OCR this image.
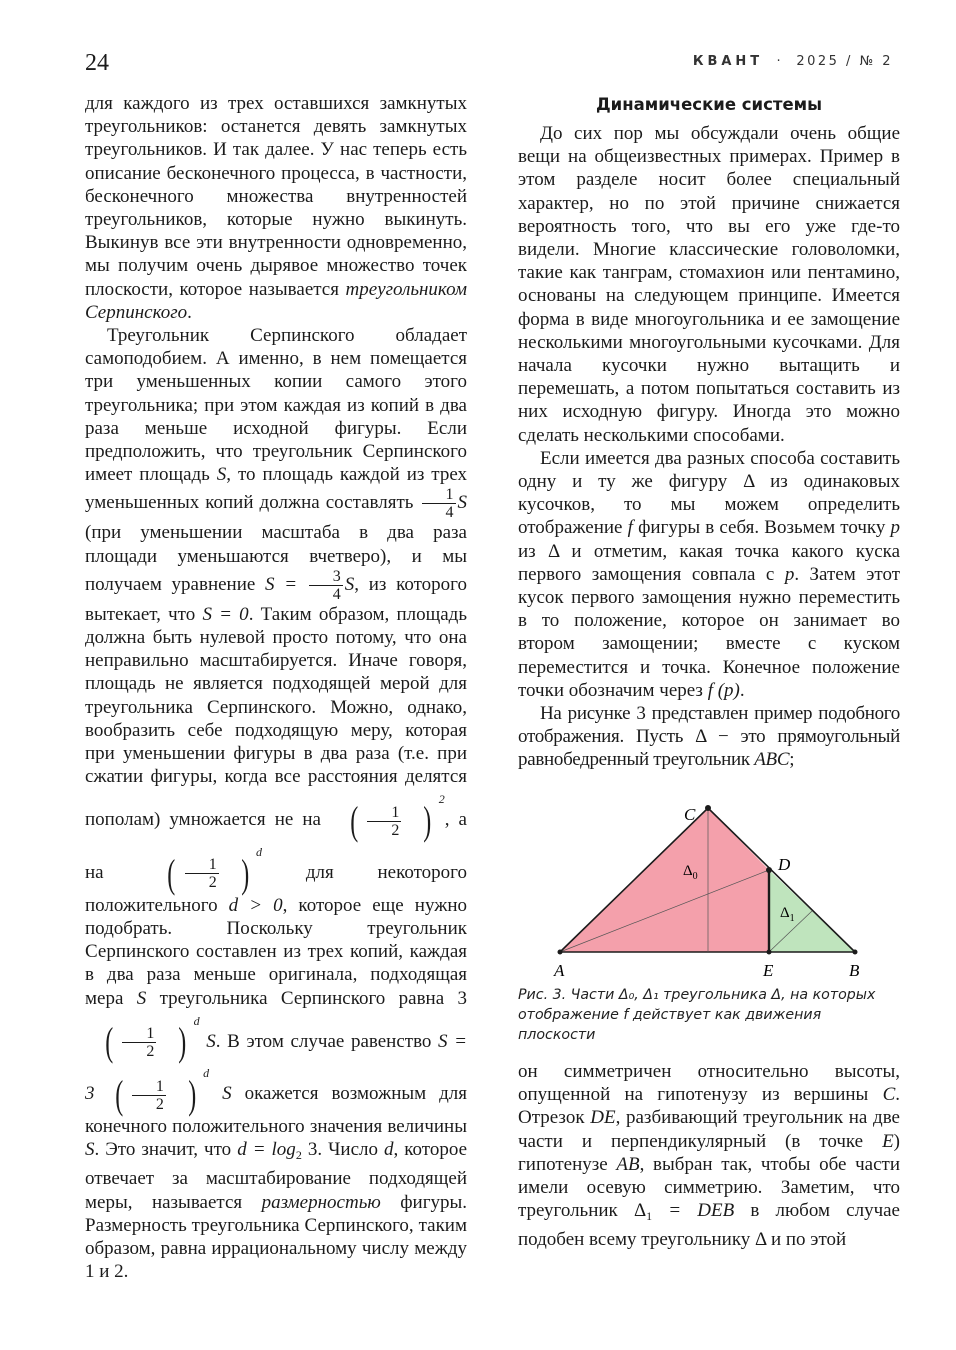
24	КВАНТ · 2025 / № 2

для каждого из трех оставшихся замкнутых треугольников: останется девять замкнутых треугольников. И так далее. У нас теперь есть описание бесконечного процесса, в частности, бесконечного множества внутренностей треугольников, которые нужно выкинуть. Выкинув все эти внутренности одновременно, мы получим очень дырявое множество точек плоскости, которое называется треугольником Серпинского.

Треугольник Серпинского обладает самоподобием. А именно, в нем помещается три уменьшенных копии самого этого треугольника; при этом каждая из копий в два раза меньше исходной фигуры. Если предположить, что треугольник Серпинского имеет площадь S, то площадь каждой из трех уменьшенных копий должна составлять $\frac{1}{4}$ S (при уменьшении масштаба в два раза площади уменьшаются вчетверо), и мы получаем уравнение $S = \frac{3}{4} S$, из которого вытекает, что S = 0. Таким образом, площадь должна быть нулевой просто потому, что она неправильно масштабируется. Иначе говоря, площадь не является подходящей мерой для треугольника Серпинского. Можно, однако, вообразить себе подходящую меру, которая при уменьшении фигуры в два раза (т.е. при сжатии фигуры, когда все расстояния делятся пополам) умножается не на ( $\frac{1}{2}$ ) $^2$, а на ( $\frac{1}{2}$ ) $^d$ для некоторого положительного d > 0, которое еще нужно подобрать. Поскольку треугольник Серпинского составлен из трех копий, каждая в два раза меньше оригинала, подходящая мера S треугольника Серпинского равна 3
( $\frac{1}{2}$ ) $^d$ S. В этом случае равенство S = 3 ( $\frac{1}{2}$ ) $^d$ S окажется возможным для конечного положительного значения величины S. Это значит, что $d = \log_2 3$. Число d, которое отвечает за масштабирование подходящей меры, называется размерностью фигуры. Размерность треугольника Серпинского, таким образом, равна иррациональному числу между 1 и 2.

Динамические системы

До сих пор мы обсуждали очень общие вещи на общеизвестных примерах. Пример в этом разделе носит более специальный характер, но по этой причине снижается вероятность того, что вы его уже где-то видели. Многие классические головоломки, такие как танграм, стомахион или пентамино, основаны на следующем принципе. Имеется форма в виде многоугольника и ее замощение несколькими многоугольными кусочками. Для начала кусочки нужно вытащить и перемешать, а потом попытаться составить из них исходную фигуру. Иногда это можно сделать несколькими способами.

Если имеется два разных способа составить одну и ту же фигуру Δ из одинаковых кусочков, то мы можем определить отображение f фигуры в себя. Возьмем точку p из Δ и отметим, какая точка какого куска первого замощения совпала с p. Затем этот кусок первого замощения нужно переместить в то положение, которое он занимает во втором замощении; вместе с куском переместится и точка. Конечное положение точки обозначим через f (p).

На рисунке 3 представлен пример подобного отображения. Пусть Δ − это прямоугольный равнобедренный треугольник ABC;

C
D
A	E	B
$\Delta_0$
$\Delta_1$
Рис. 3. Части Δ₀, Δ₁ треугольника Δ, на которых отображение f действует как движения плоскости

он симметричен относительно высоты, опущенной на гипотенузу из вершины C. Отрезок DE, разбивающий треугольник на две части и перпендикулярный (в точке E) гипотенузе AB, выбран так, чтобы обе части имели осевую симметрию. Заметим, что треугольник $\Delta_1$ = DEB в любом случае подобен всему треугольнику Δ и по этой
